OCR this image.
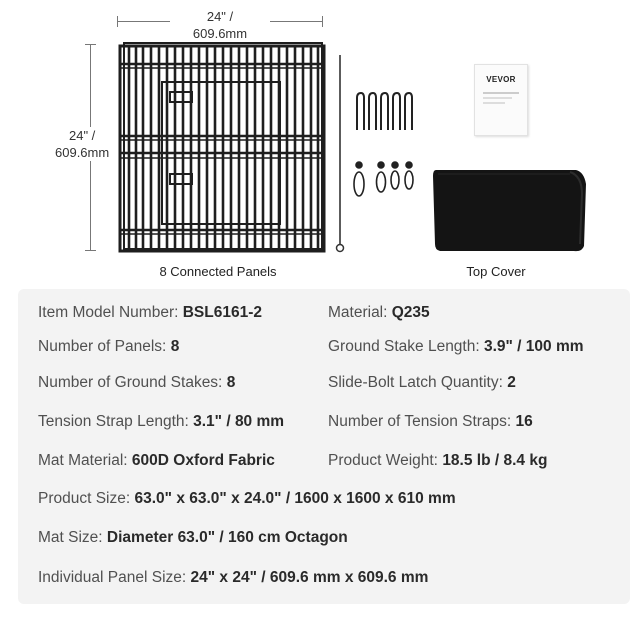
24" /
609.6mm
24" /
609.6mm
8 Connected Panels
VEVOR
Top Cover
Item Model Number: BSL6161-2	Material: Q235
Number of Panels: 8	Ground Stake Length: 3.9" / 100 mm
Number of Ground Stakes: 8	Slide-Bolt Latch Quantity: 2
Tension Strap Length: 3.1" / 80 mm	Number of Tension Straps: 16
Mat Material: 600D Oxford Fabric	Product Weight: 18.5 lb / 8.4 kg
Product Size: 63.0" x 63.0" x 24.0" / 1600 x 1600 x 610 mm
Mat Size: Diameter 63.0" / 160 cm Octagon
Individual Panel Size: 24" x 24" / 609.6 mm x 609.6 mm
